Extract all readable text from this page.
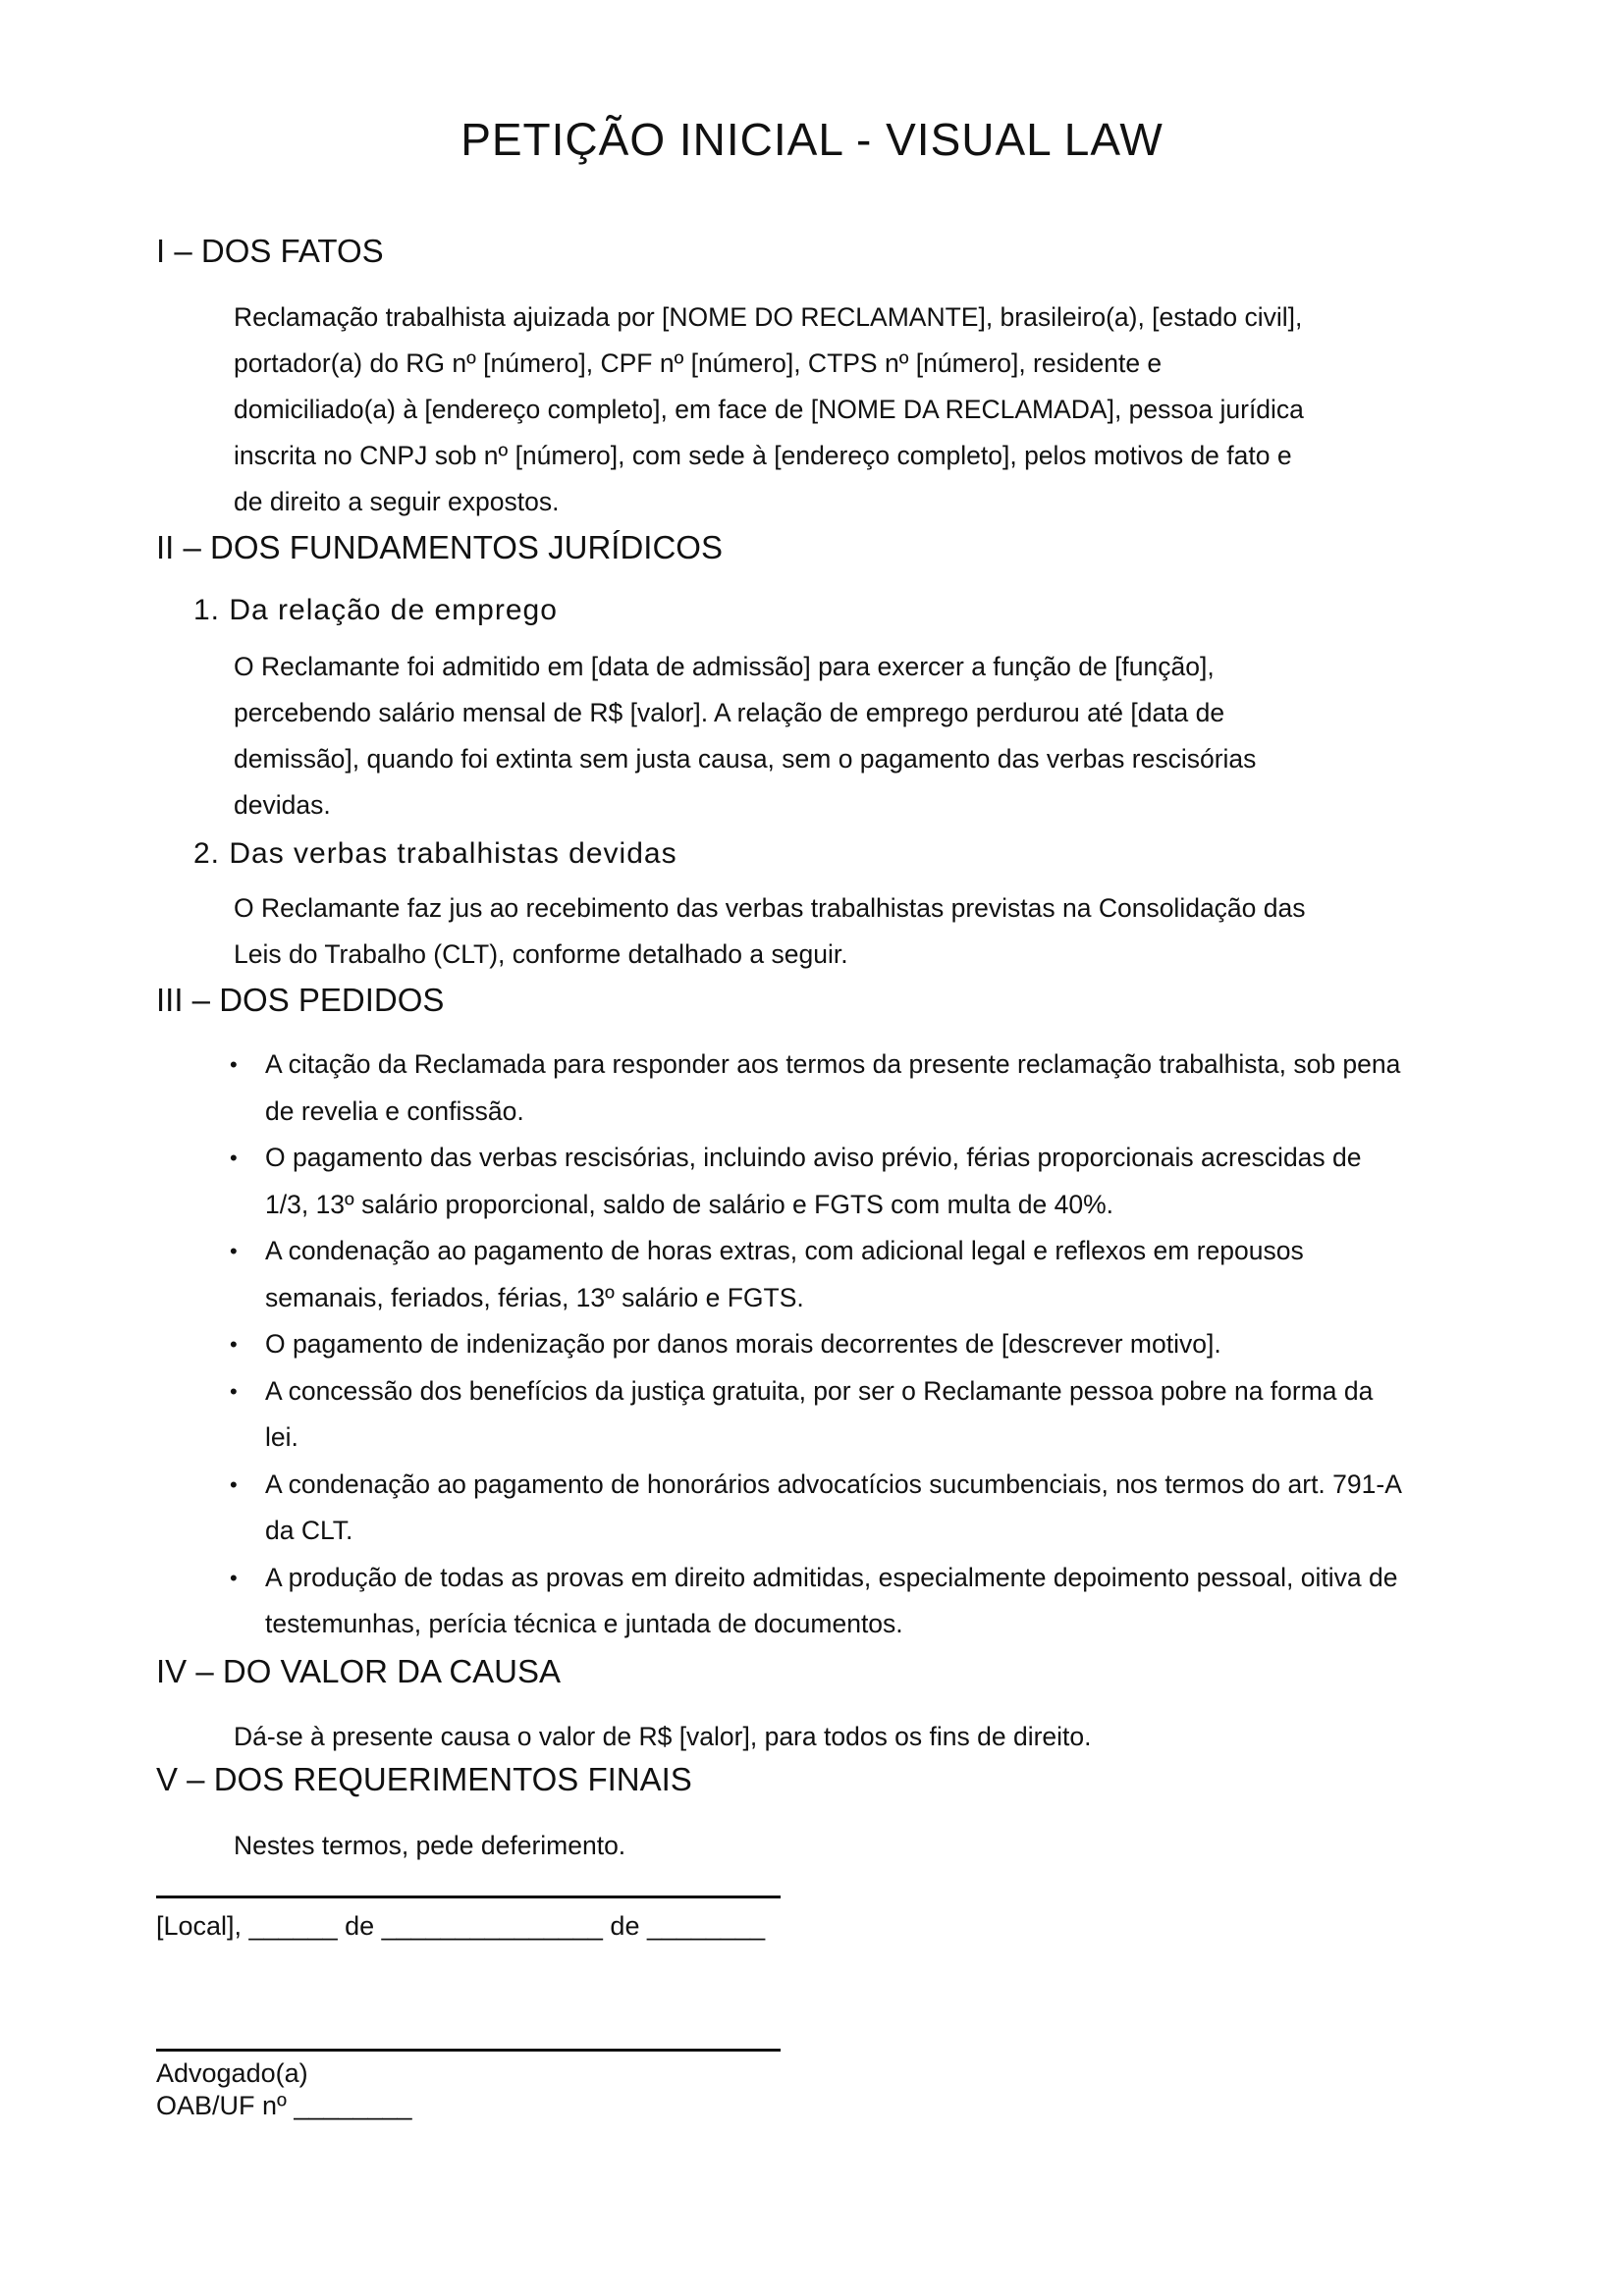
PETIÇÃO INICIAL - VISUAL LAW
I – DOS FATOS

Reclamação trabalhista ajuizada por [NOME DO RECLAMANTE], brasileiro(a), [estado civil], portador(a) do RG nº [número], CPF nº [número], CTPS nº [número], residente e domiciliado(a) à [endereço completo], em face de [NOME DA RECLAMADA], pessoa jurídica inscrita no CNPJ sob nº [número], com sede à [endereço completo], pelos motivos de fato e de direito a seguir expostos.

II – DOS FUNDAMENTOS JURÍDICOS
1. Da relação de emprego

O Reclamante foi admitido em [data de admissão] para exercer a função de [função], percebendo salário mensal de R$ [valor]. A relação de emprego perdurou até [data de demissão], quando foi extinta sem justa causa, sem o pagamento das verbas rescisórias devidas.

2. Das verbas trabalhistas devidas

O Reclamante faz jus ao recebimento das verbas trabalhistas previstas na Consolidação das Leis do Trabalho (CLT), conforme detalhado a seguir.

III – DOS PEDIDOS
• A citação da Reclamada para responder aos termos da presente reclamação trabalhista, sob pena de revelia e confissão.
• O pagamento das verbas rescisórias, incluindo aviso prévio, férias proporcionais acrescidas de 1/3, 13º salário proporcional, saldo de salário e FGTS com multa de 40%.
• A condenação ao pagamento de horas extras, com adicional legal e reflexos em repousos semanais, feriados, férias, 13º salário e FGTS.
• O pagamento de indenização por danos morais decorrentes de [descrever motivo].
• A concessão dos benefícios da justiça gratuita, por ser o Reclamante pessoa pobre na forma da lei.
• A condenação ao pagamento de honorários advocatícios sucumbenciais, nos termos do art. 791-A da CLT.
• A produção de todas as provas em direito admitidas, especialmente depoimento pessoal, oitiva de testemunhas, perícia técnica e juntada de documentos.
IV – DO VALOR DA CAUSA

Dá-se à presente causa o valor de R$ [valor], para todos os fins de direito.

V – DOS REQUERIMENTOS FINAIS

Nestes termos, pede deferimento.

[Local], ______ de _______________ de ________

Advogado(a)

OAB/UF nº ________
